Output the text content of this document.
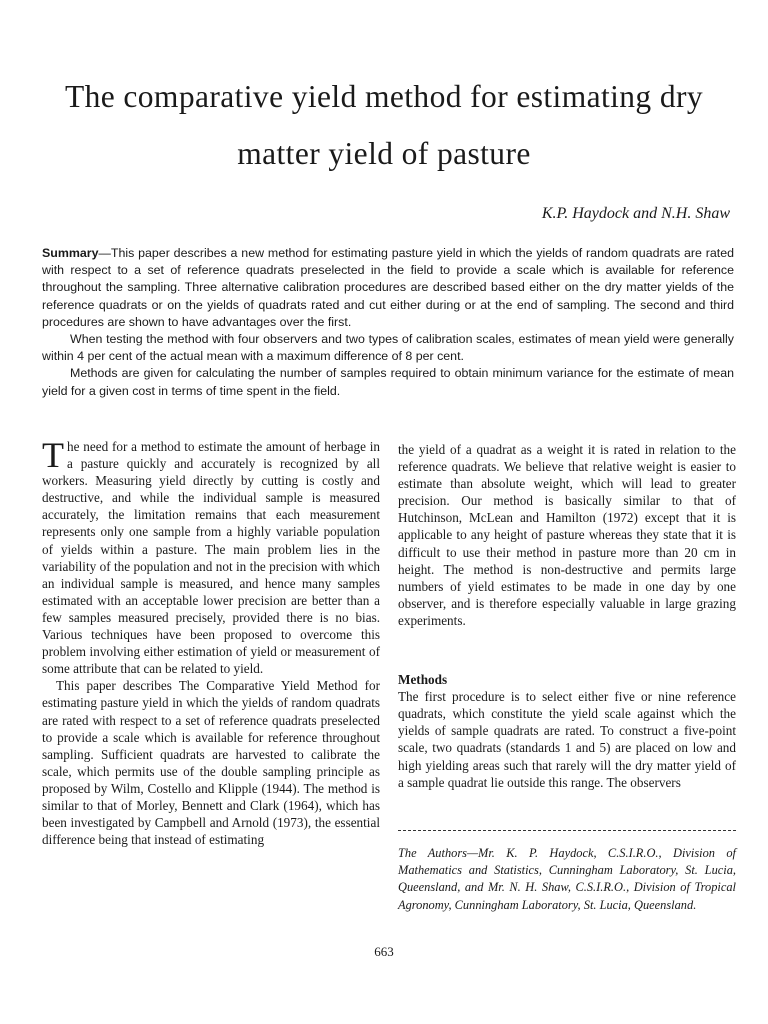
The comparative yield method for estimating dry
matter yield of pasture
K.P. Haydock and N.H. Shaw

Summary—This paper describes a new method for estimating pasture yield in which the yields of random quadrats are rated with respect to a set of reference quadrats preselected in the field to provide a scale which is available for reference throughout the sampling. Three alternative calibration procedures are described based either on the dry matter yields of the reference quadrats or on the yields of quadrats rated and cut either during or at the end of sampling. The second and third procedures are shown to have advantages over the first.

When testing the method with four observers and two types of calibration scales, estimates of mean yield were generally within 4 per cent of the actual mean with a maximum difference of 8 per cent.

Methods are given for calculating the number of samples required to obtain minimum variance for the estimate of mean yield for a given cost in terms of time spent in the field.

The need for a method to estimate the amount of herbage in a pasture quickly and accurately is recognized by all workers. Measuring yield directly by cutting is costly and destructive, and while the individual sample is measured accurately, the limitation remains that each measurement represents only one sample from a highly variable population of yields within a pasture. The main problem lies in the variability of the population and not in the precision with which an individual sample is measured, and hence many samples estimated with an acceptable lower precision are better than a few samples measured precisely, provided there is no bias. Various techniques have been proposed to overcome this problem involving either estimation of yield or measurement of some attribute that can be related to yield.

This paper describes The Comparative Yield Method for estimating pasture yield in which the yields of random quadrats are rated with respect to a set of reference quadrats preselected to provide a scale which is available for reference throughout sampling. Sufficient quadrats are harvested to calibrate the scale, which permits use of the double sampling principle as proposed by Wilm, Costello and Klipple (1944). The method is similar to that of Morley, Bennett and Clark (1964), which has been investigated by Campbell and Arnold (1973), the essential difference being that instead of estimating

the yield of a quadrat as a weight it is rated in relation to the reference quadrats. We believe that relative weight is easier to estimate than absolute weight, which will lead to greater precision. Our method is basically similar to that of Hutchinson, McLean and Hamilton (1972) except that it is applicable to any height of pasture whereas they state that it is difficult to use their method in pasture more than 20 cm in height. The method is non-destructive and permits large numbers of yield estimates to be made in one day by one observer, and is therefore especially valuable in large grazing experiments.

Methods

The first procedure is to select either five or nine reference quadrats, which constitute the yield scale against which the yields of sample quadrats are rated. To construct a five-point scale, two quadrats (standards 1 and 5) are placed on low and high yielding areas such that rarely will the dry matter yield of a sample quadrat lie outside this range. The observers

The Authors—Mr. K. P. Haydock, C.S.I.R.O., Division of Mathematics and Statistics, Cunningham Laboratory, St. Lucia, Queensland, and Mr. N. H. Shaw, C.S.I.R.O., Division of Tropical Agronomy, Cunningham Laboratory, St. Lucia, Queensland.

663
